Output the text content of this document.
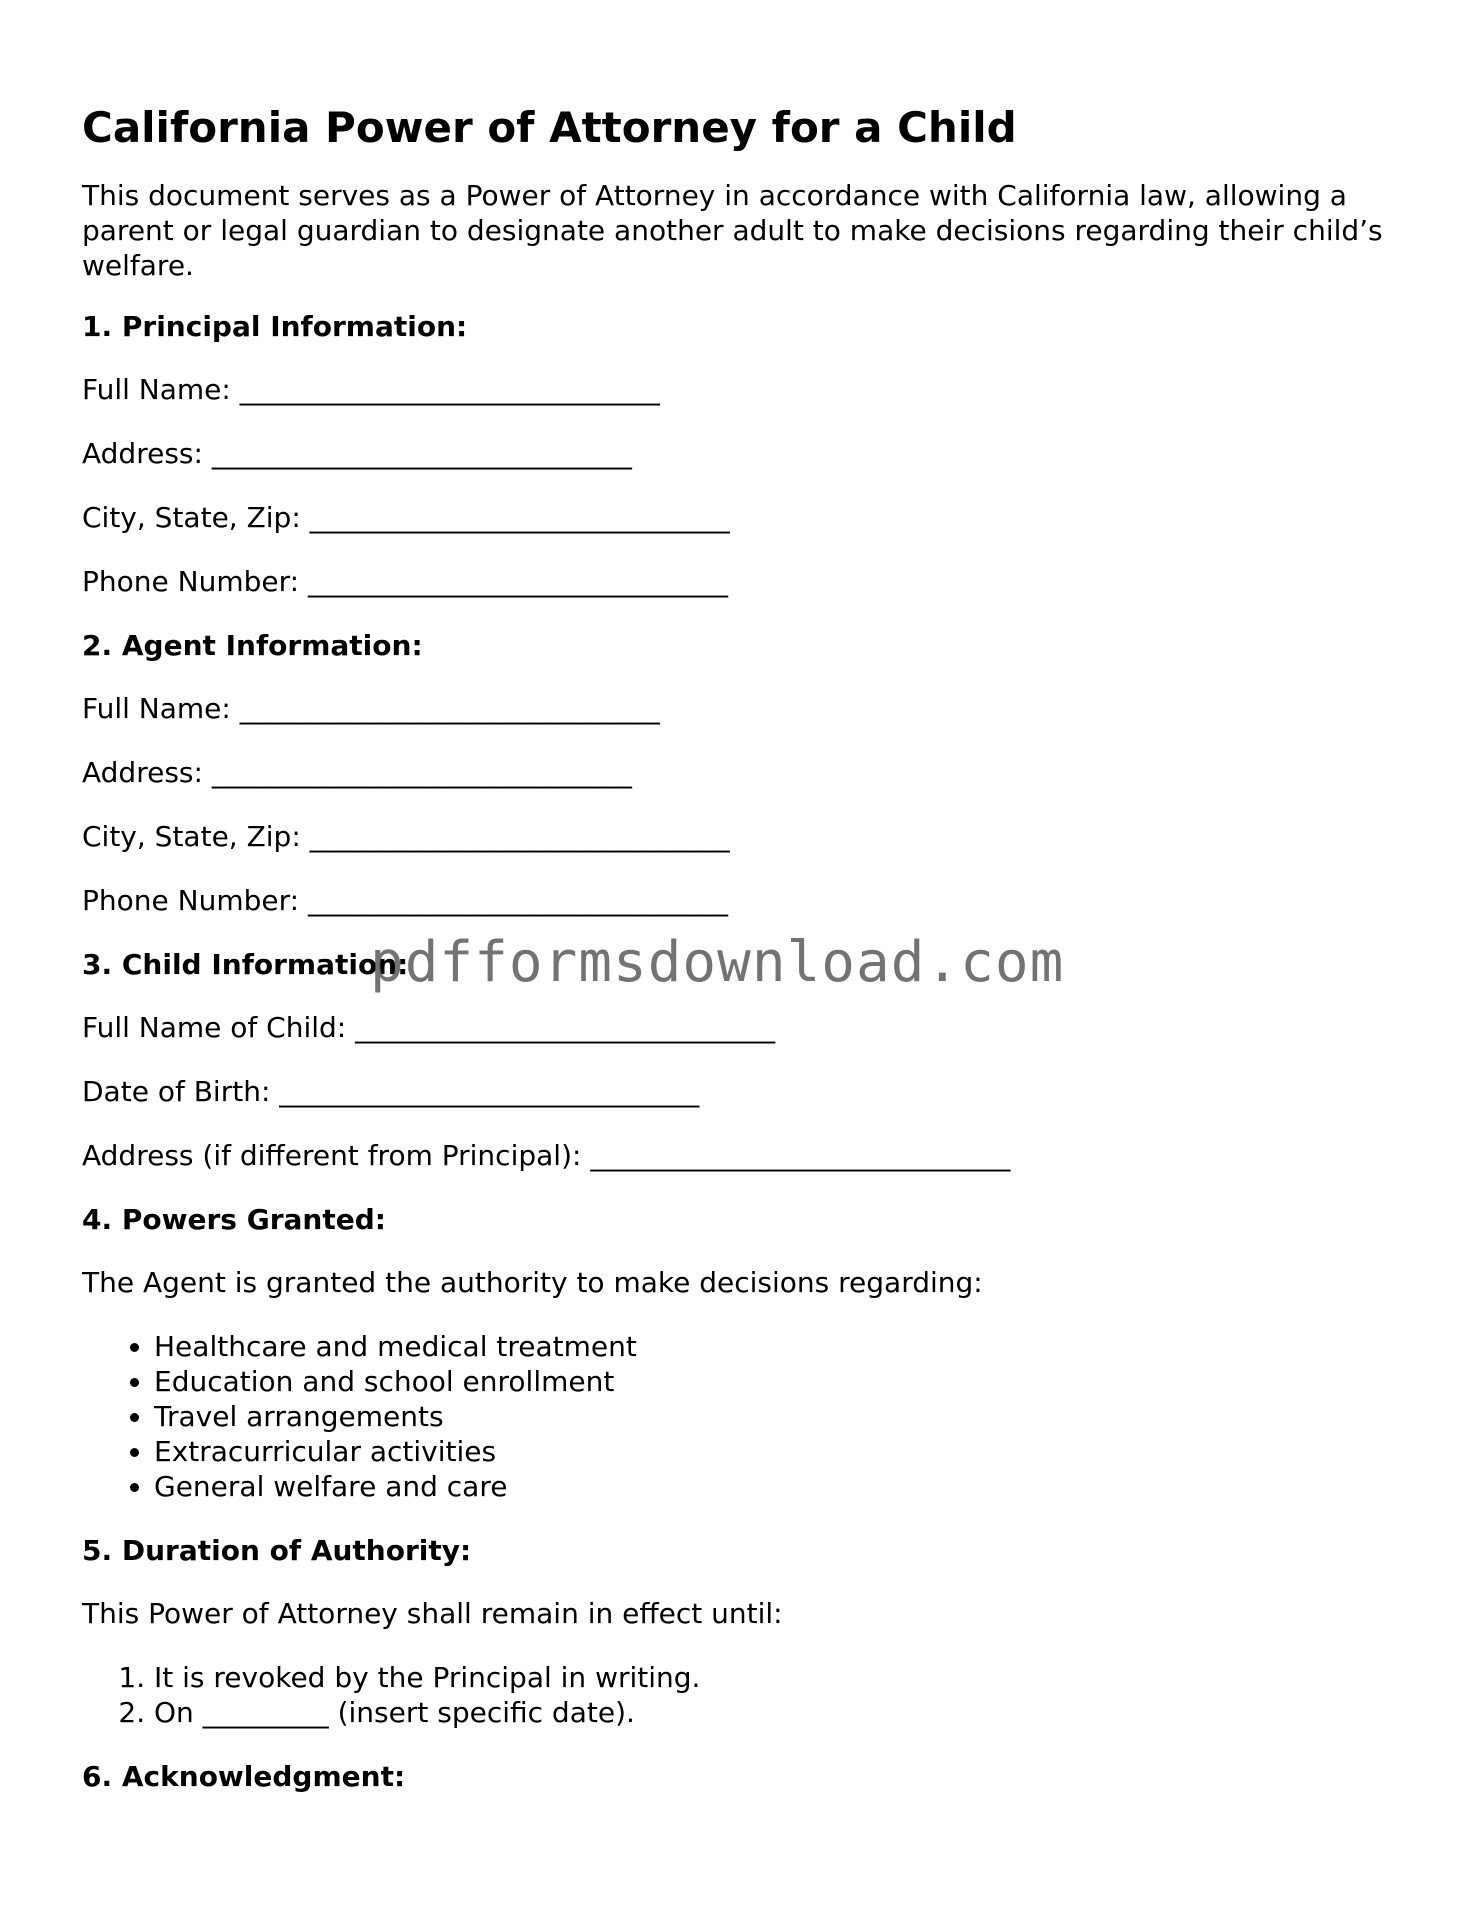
California Power of Attorney for a Child

This document serves as a Power of Attorney in accordance with California law, allowing a parent or legal guardian to designate another adult to make decisions regarding their child’s welfare.

1. Principal Information:

Full Name: ______________________________

Address: ______________________________

City, State, Zip: ______________________________

Phone Number: ______________________________

2. Agent Information:

Full Name: ______________________________

Address: ______________________________

City, State, Zip: ______________________________

Phone Number: ______________________________

3. Child Information:

Full Name of Child: ______________________________

Date of Birth: ______________________________

Address (if different from Principal): ______________________________

4. Powers Granted:

The Agent is granted the authority to make decisions regarding:

• Healthcare and medical treatment
• Education and school enrollment
• Travel arrangements
• Extracurricular activities
• General welfare and care
5. Duration of Authority:

This Power of Attorney shall remain in effect until:

1. It is revoked by the Principal in writing.
2. On _________ (insert specific date).
6. Acknowledgment:
pdfformsdownload.com
